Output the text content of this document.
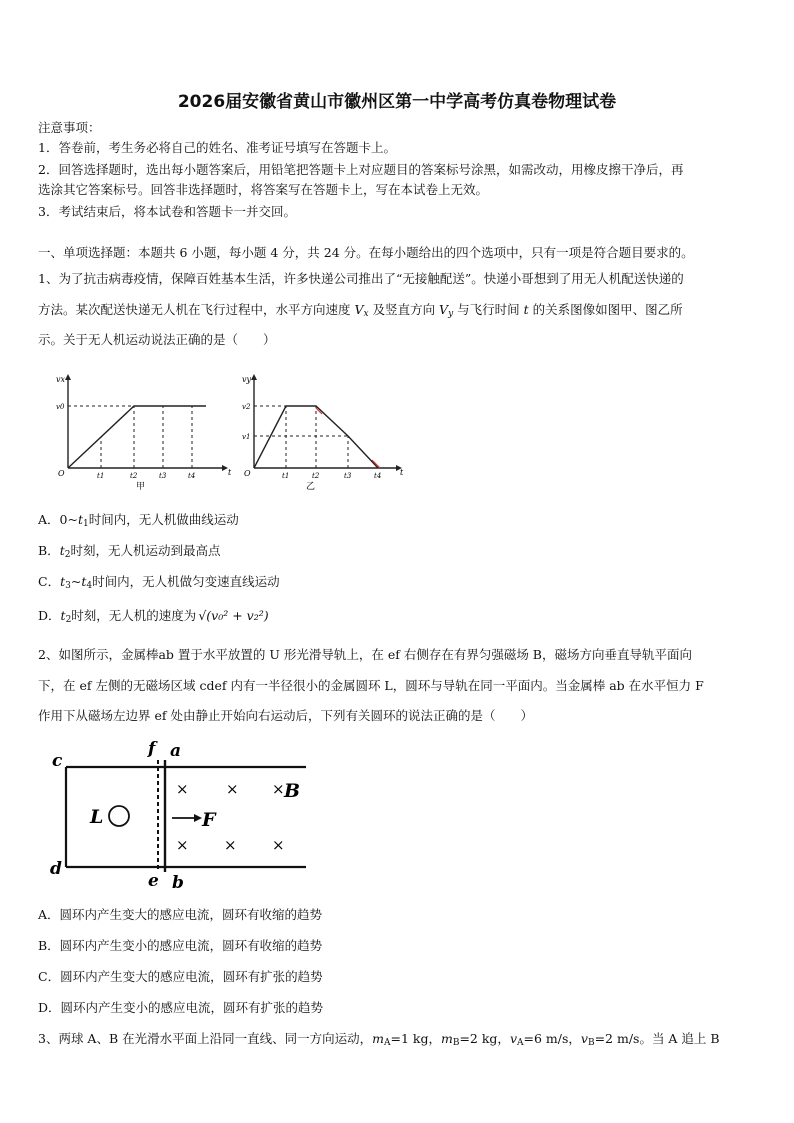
2026届安徽省黄山市徽州区第一中学高考仿真卷物理试卷
注意事项：
1．答卷前，考生务必将自己的姓名、准考证号填写在答题卡上。
2．回答选择题时，选出每小题答案后，用铅笔把答题卡上对应题目的答案标号涂黑，如需改动，用橡皮擦干净后，再
选涂其它答案标号。回答非选择题时，将答案写在答题卡上，写在本试卷上无效。
3．考试结束后，将本试卷和答题卡一并交回。
一、单项选择题：本题共 6 小题，每小题 4 分，共 24 分。在每小题给出的四个选项中，只有一项是符合题目要求的。
1、为了抗击病毒疫情，保障百姓基本生活，许多快递公司推出了“无接触配送”。快递小哥想到了用无人机配送快递的
方法。某次配送快递无人机在飞行过程中，水平方向速度 $V_x$ 及竖直方向 $V_y$ 与飞行时间 t 的关系图像如图甲、图乙所
示。关于无人机运动说法正确的是（　　）
vx
t
O
v0
t1	t2	t3	t4
甲
vy
t
O
v2
v1
t1	t2	t3	t4
乙
A．$0\sim t_1$时间内，无人机做曲线运动
B．$t_2$时刻，无人机运动到最高点
C．$t_3\sim t_4$时间内，无人机做匀变速直线运动
D．$t_2$时刻，无人机的速度为 √(v₀² + v₂²)
2、如图所示，金属棒ab 置于水平放置的 U 形光滑导轨上，在 ef 右侧存在有界匀强磁场 B，磁场方向垂直导轨平面向
下，在 ef 左侧的无磁场区域 cdef 内有一半径很小的金属圆环 L，圆环与导轨在同一平面内。当金属棒 ab 在水平恒力 F
作用下从磁场左边界 ef 处由静止开始向右运动后，下列有关圆环的说法正确的是（　　）
c
d
f a
e b
L	F
B
× × ×
× × ×
A．圆环内产生变大的感应电流，圆环有收缩的趋势
B．圆环内产生变小的感应电流，圆环有收缩的趋势
C．圆环内产生变大的感应电流，圆环有扩张的趋势
D．圆环内产生变小的感应电流，圆环有扩张的趋势
3、两球 A、B 在光滑水平面上沿同一直线、同一方向运动，$m_A=1$ kg，$m_B=2$ kg，$v_A=6$ m/s，$v_B=2$ m/s。当 A 追上 B
